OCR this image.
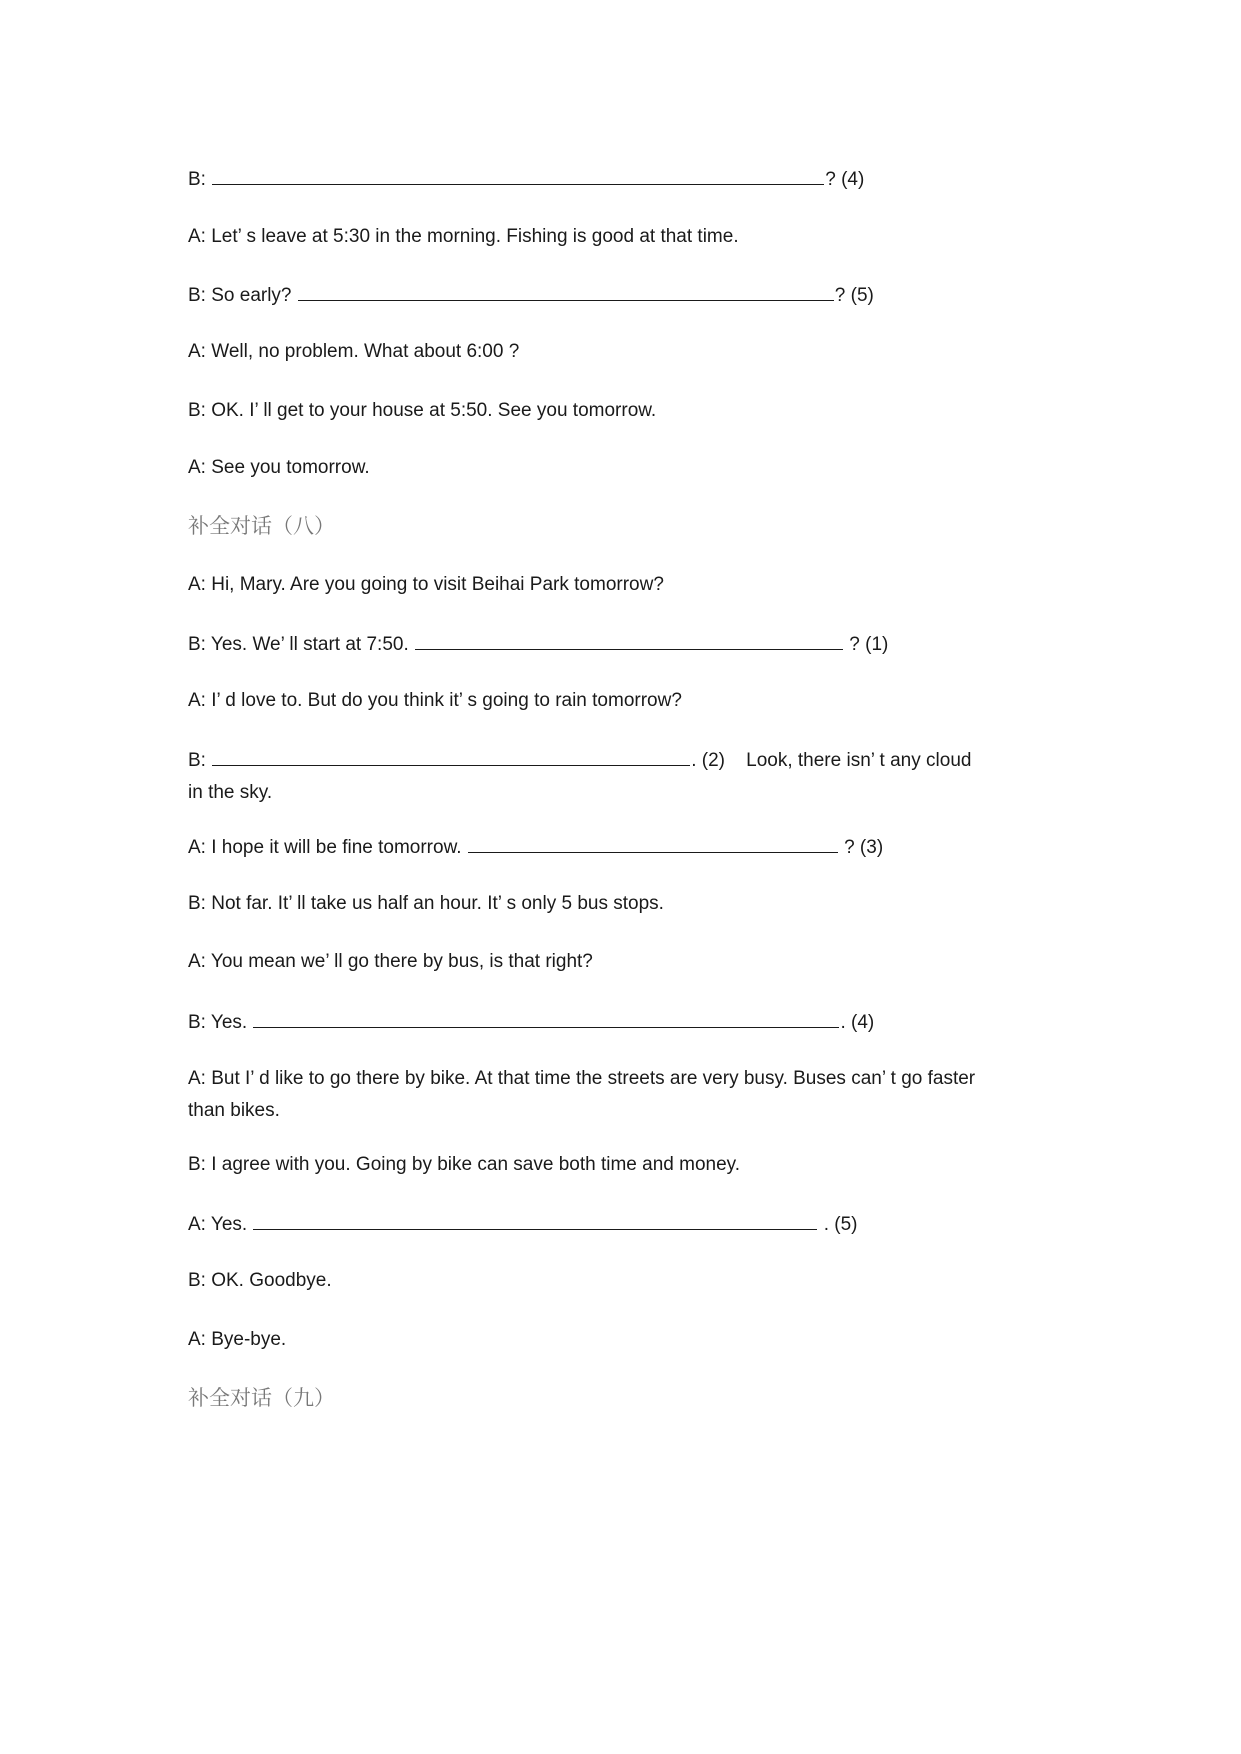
B:	? (4)
A: Let’ s leave at 5:30 in the morning. Fishing is good at that time.
B: So early?	? (5)
A: Well, no problem. What about 6:00 ?
B: OK. I’ ll get to your house at 5:50. See you tomorrow.
A: See you tomorrow.
补全对话（八）
A: Hi, Mary. Are you going to visit Beihai Park tomorrow?
B: Yes. We’ ll start at 7:50.	? (1)
A: I’ d love to. But do you think it’ s going to rain tomorrow?
B:	. (2)    Look, there isn’ t any cloud
in the sky.
A: I hope it will be fine tomorrow.	? (3)
B: Not far. It’ ll take us half an hour. It’ s only 5 bus stops.
A: You mean we’ ll go there by bus, is that right?
B: Yes.	. (4)
A: But I’ d like to go there by bike. At that time the streets are very busy. Buses can’ t go faster
than bikes.
B: I agree with you. Going by bike can save both time and money.
A: Yes.	. (5)
B: OK. Goodbye.
A: Bye-bye.
补全对话（九）
